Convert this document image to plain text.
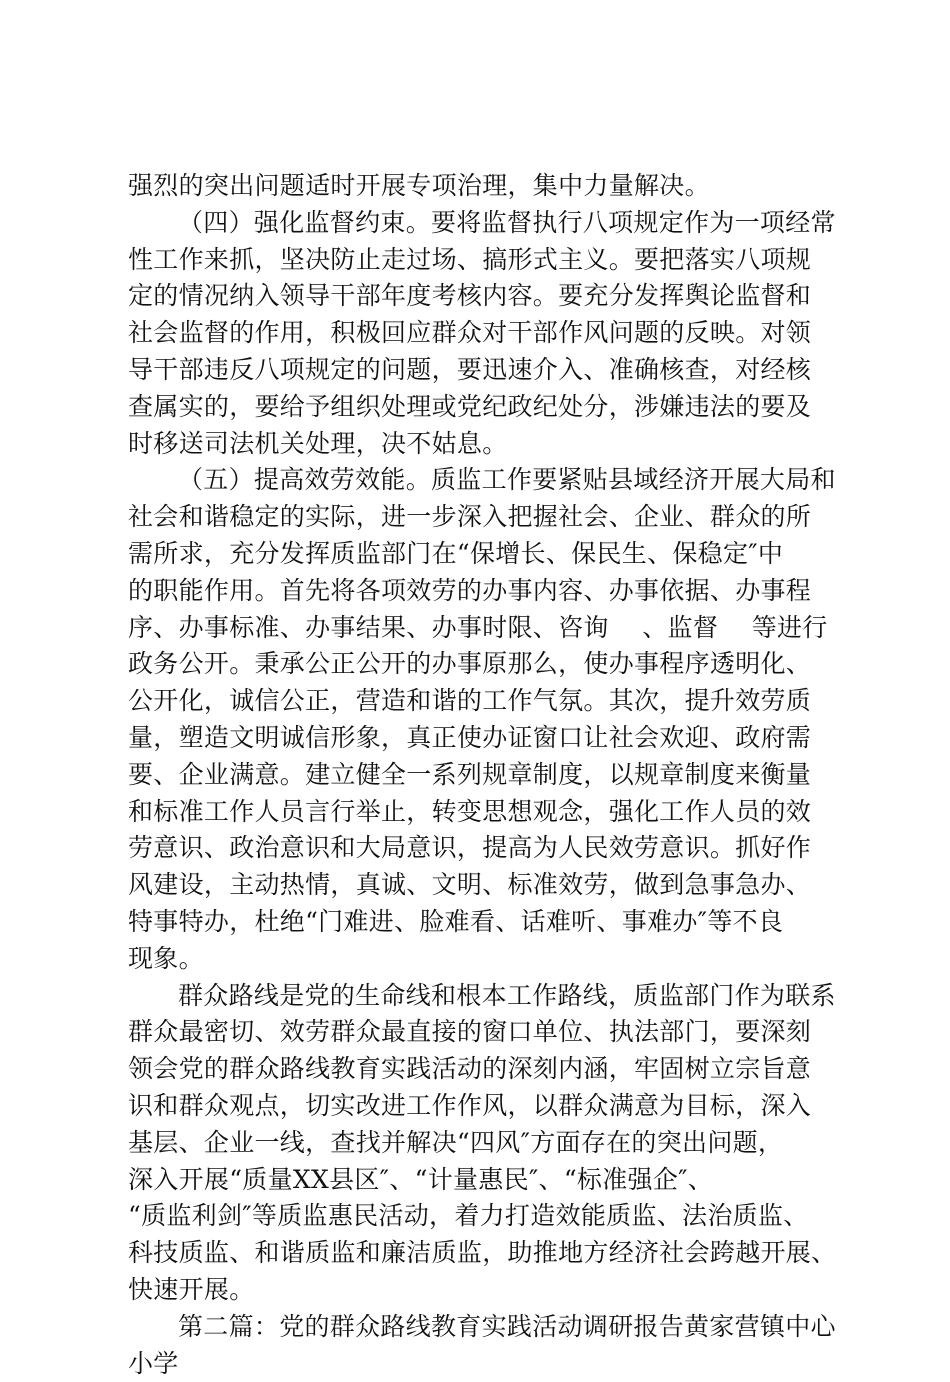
强烈的突出问题适时开展专项治理，集中力量解决。
（四）强化监督约束。要将监督执行八项规定作为一项经常
性工作来抓，坚决防止走过场、搞形式主义。要把落实八项规
定的情况纳入领导干部年度考核内容。要充分发挥舆论监督和
社会监督的作用，积极回应群众对干部作风问题的反映。对领
导干部违反八项规定的问题，要迅速介入、准确核查，对经核
查属实的，要给予组织处理或党纪政纪处分，涉嫌违法的要及
时移送司法机关处理，决不姑息。
（五）提高效劳效能。质监工作要紧贴县域经济开展大局和
社会和谐稳定的实际，进一步深入把握社会、企业、群众的所
需所求，充分发挥质监部门在“保增长、保民生、保稳定″中
的职能作用。首先将各项效劳的办事内容、办事依据、办事程
序、办事标准、办事结果、办事时限、咨询　 、监督　 等进行
政务公开。秉承公正公开的办事原那么，使办事程序透明化、
公开化，诚信公正，营造和谐的工作气氛。其次，提升效劳质
量，塑造文明诚信形象，真正使办证窗口让社会欢迎、政府需
要、企业满意。建立健全一系列规章制度，以规章制度来衡量
和标准工作人员言行举止，转变思想观念，强化工作人员的效
劳意识、政治意识和大局意识，提高为人民效劳意识。抓好作
风建设，主动热情，真诚、文明、标准效劳，做到急事急办、
特事特办，杜绝“门难进、脸难看、话难听、事难办″等不良
现象。
群众路线是党的生命线和根本工作路线，质监部门作为联系
群众最密切、效劳群众最直接的窗口单位、执法部门，要深刻
领会党的群众路线教育实践活动的深刻内涵，牢固树立宗旨意
识和群众观点，切实改进工作作风，以群众满意为目标，深入
基层、企业一线，查找并解决“四风″方面存在的突出问题，
深入开展“质量XX县区″、“计量惠民″、“标准强企″、
“质监利剑″等质监惠民活动，着力打造效能质监、法治质监、
科技质监、和谐质监和廉洁质监，助推地方经济社会跨越开展、
快速开展。
第二篇：党的群众路线教育实践活动调研报告黄家营镇中心
小学
